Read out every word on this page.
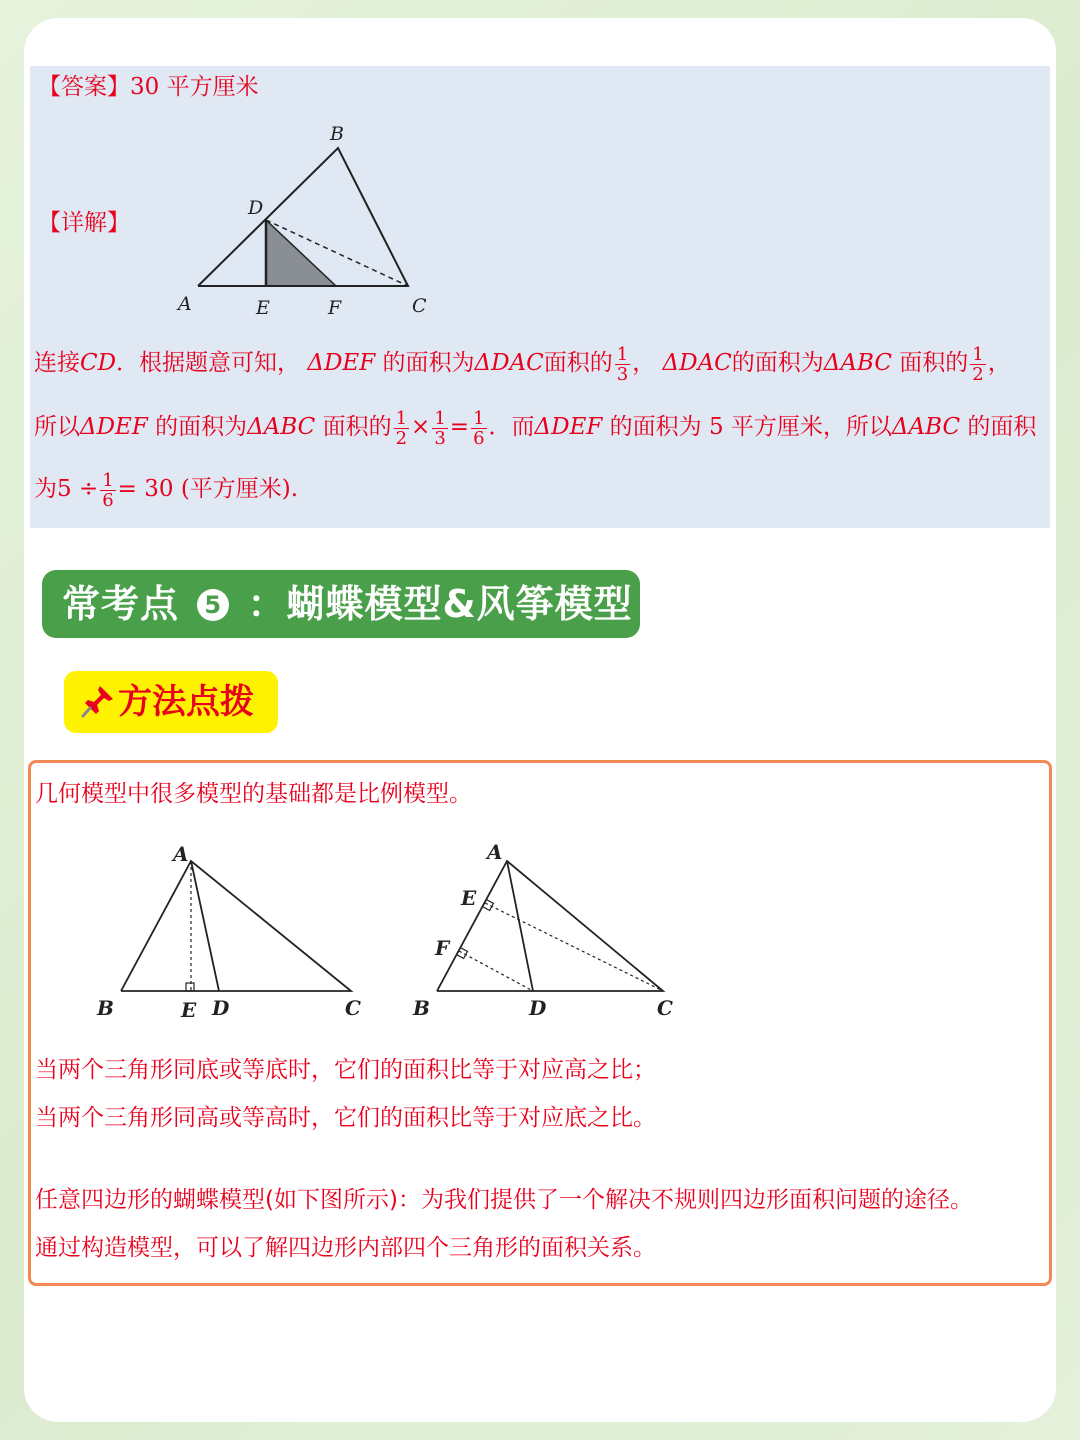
【答案】30 平方厘米
【详解】
A
B
C
D
E	F
连接CD．根据题意可知， ΔDEF 的面积为ΔDAC面积的 $\frac{1}{3}$ ， ΔDAC的面积为ΔABC 面积的 $\frac{1}{2}$ ，
所以ΔDEF 的面积为ΔABC 面积的 $\frac{1}{2} \times \frac{1}{3} = \frac{1}{6}$ ．而ΔDEF 的面积为 5 平方厘米，所以ΔABC 的面积
为$5 \div \frac{1}{6} = 30$ (平方厘米).
常考点 5 ：蝴蝶模型&风筝模型
方法点拨
几何模型中很多模型的基础都是比例模型。
A
B	E D	C
A
E
F
B	D	C
当两个三角形同底或等底时，它们的面积比等于对应高之比；
当两个三角形同高或等高时，它们的面积比等于对应底之比。
任意四边形的蝴蝶模型(如下图所示)：为我们提供了一个解决不规则四边形面积问题的途径。
通过构造模型，可以了解四边形内部四个三角形的面积关系。
